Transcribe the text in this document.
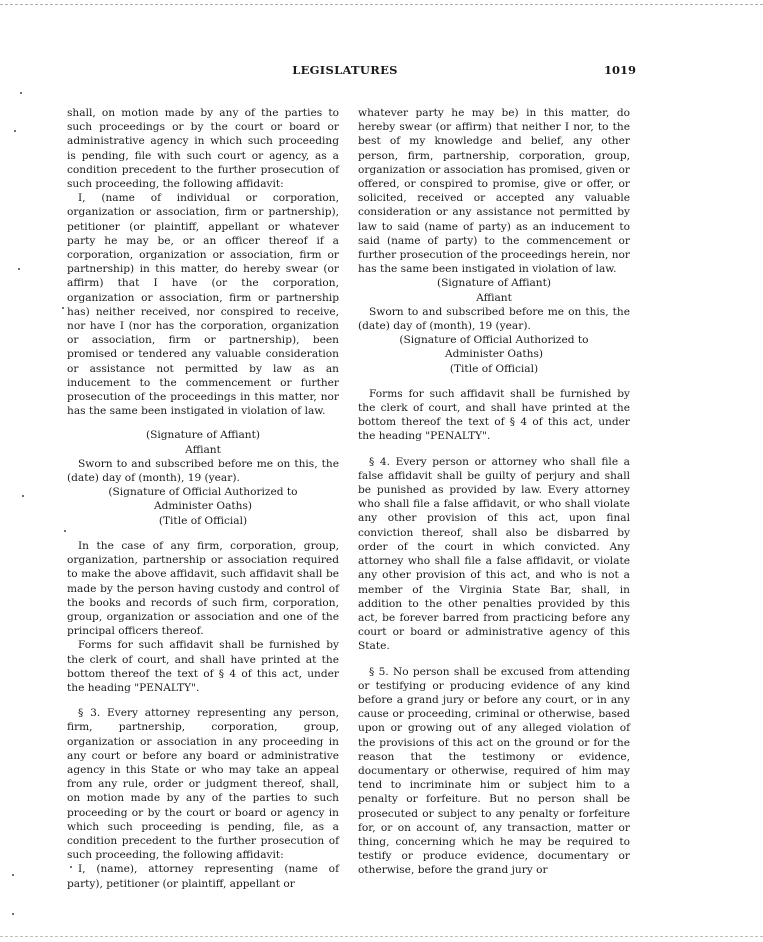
LEGISLATURES	1019

shall, on motion made by any of the parties to such proceedings or by the court or board or administrative agency in which such proceeding is pending, file with such court or agency, as a condition precedent to the further prosecution of such proceeding, the following affidavit:

I, (name of individual or corporation, organization or association, firm or partnership), petitioner (or plaintiff, appellant or whatever party he may be, or an officer thereof if a corporation, organization or association, firm or partnership) in this matter, do hereby swear (or affirm) that I have (or the corporation, organization or association, firm or partnership has) neither received, nor conspired to receive, nor have I (nor has the corporation, organization or association, firm or partnership), been promised or tendered any valuable consideration or assistance not permitted by law as an inducement to the commencement or further prosecution of the proceedings in this matter, nor has the same been instigated in violation of law.

(Signature of Affiant)
Affiant

Sworn to and subscribed before me on this, the (date) day of (month), 19 (year).

(Signature of Official Authorized to
Administer Oaths)
(Title of Official)

In the case of any firm, corporation, group, organization, partnership or association required to make the above affidavit, such affidavit shall be made by the person having custody and control of the books and records of such firm, corporation, group, organization or association and one of the principal officers thereof.

Forms for such affidavit shall be furnished by the clerk of court, and shall have printed at the bottom thereof the text of § 4 of this act, under the heading "PENALTY".

§ 3. Every attorney representing any person, firm, partnership, corporation, group, organization or association in any proceeding in any court or before any board or administrative agency in this State or who may take an appeal from any rule, order or judgment thereof, shall, on motion made by any of the parties to such proceeding or by the court or board or agency in which such proceeding is pending, file, as a condition precedent to the further prosecution of such proceeding, the following affidavit:

I, (name), attorney representing (name of party), petitioner (or plaintiff, appellant or

whatever party he may be) in this matter, do hereby swear (or affirm) that neither I nor, to the best of my knowledge and belief, any other person, firm, partnership, corporation, group, organization or association has promised, given or offered, or conspired to promise, give or offer, or solicited, received or accepted any valuable consideration or any assistance not permitted by law to said (name of party) as an inducement to said (name of party) to the commencement or further prosecution of the proceedings herein, nor has the same been instigated in violation of law.

(Signature of Affiant)
Affiant

Sworn to and subscribed before me on this, the (date) day of (month), 19 (year).

(Signature of Official Authorized to
Administer Oaths)
(Title of Official)

Forms for such affidavit shall be furnished by the clerk of court, and shall have printed at the bottom thereof the text of § 4 of this act, under the heading "PENALTY".

§ 4. Every person or attorney who shall file a false affidavit shall be guilty of perjury and shall be punished as provided by law. Every attorney who shall file a false affidavit, or who shall violate any other provision of this act, upon final conviction thereof, shall also be disbarred by order of the court in which convicted. Any attorney who shall file a false affidavit, or violate any other provision of this act, and who is not a member of the Virginia State Bar, shall, in addition to the other penalties provided by this act, be forever barred from practicing before any court or board or administrative agency of this State.

§ 5. No person shall be excused from attending or testifying or producing evidence of any kind before a grand jury or before any court, or in any cause or proceeding, criminal or otherwise, based upon or growing out of any alleged violation of the provisions of this act on the ground or for the reason that the testimony or evidence, documentary or otherwise, required of him may tend to incriminate him or subject him to a penalty or forfeiture. But no person shall be prosecuted or subject to any penalty or forfeiture for, or on account of, any transaction, matter or thing, concerning which he may be required to testify or produce evidence, documentary or otherwise, before the grand jury or
